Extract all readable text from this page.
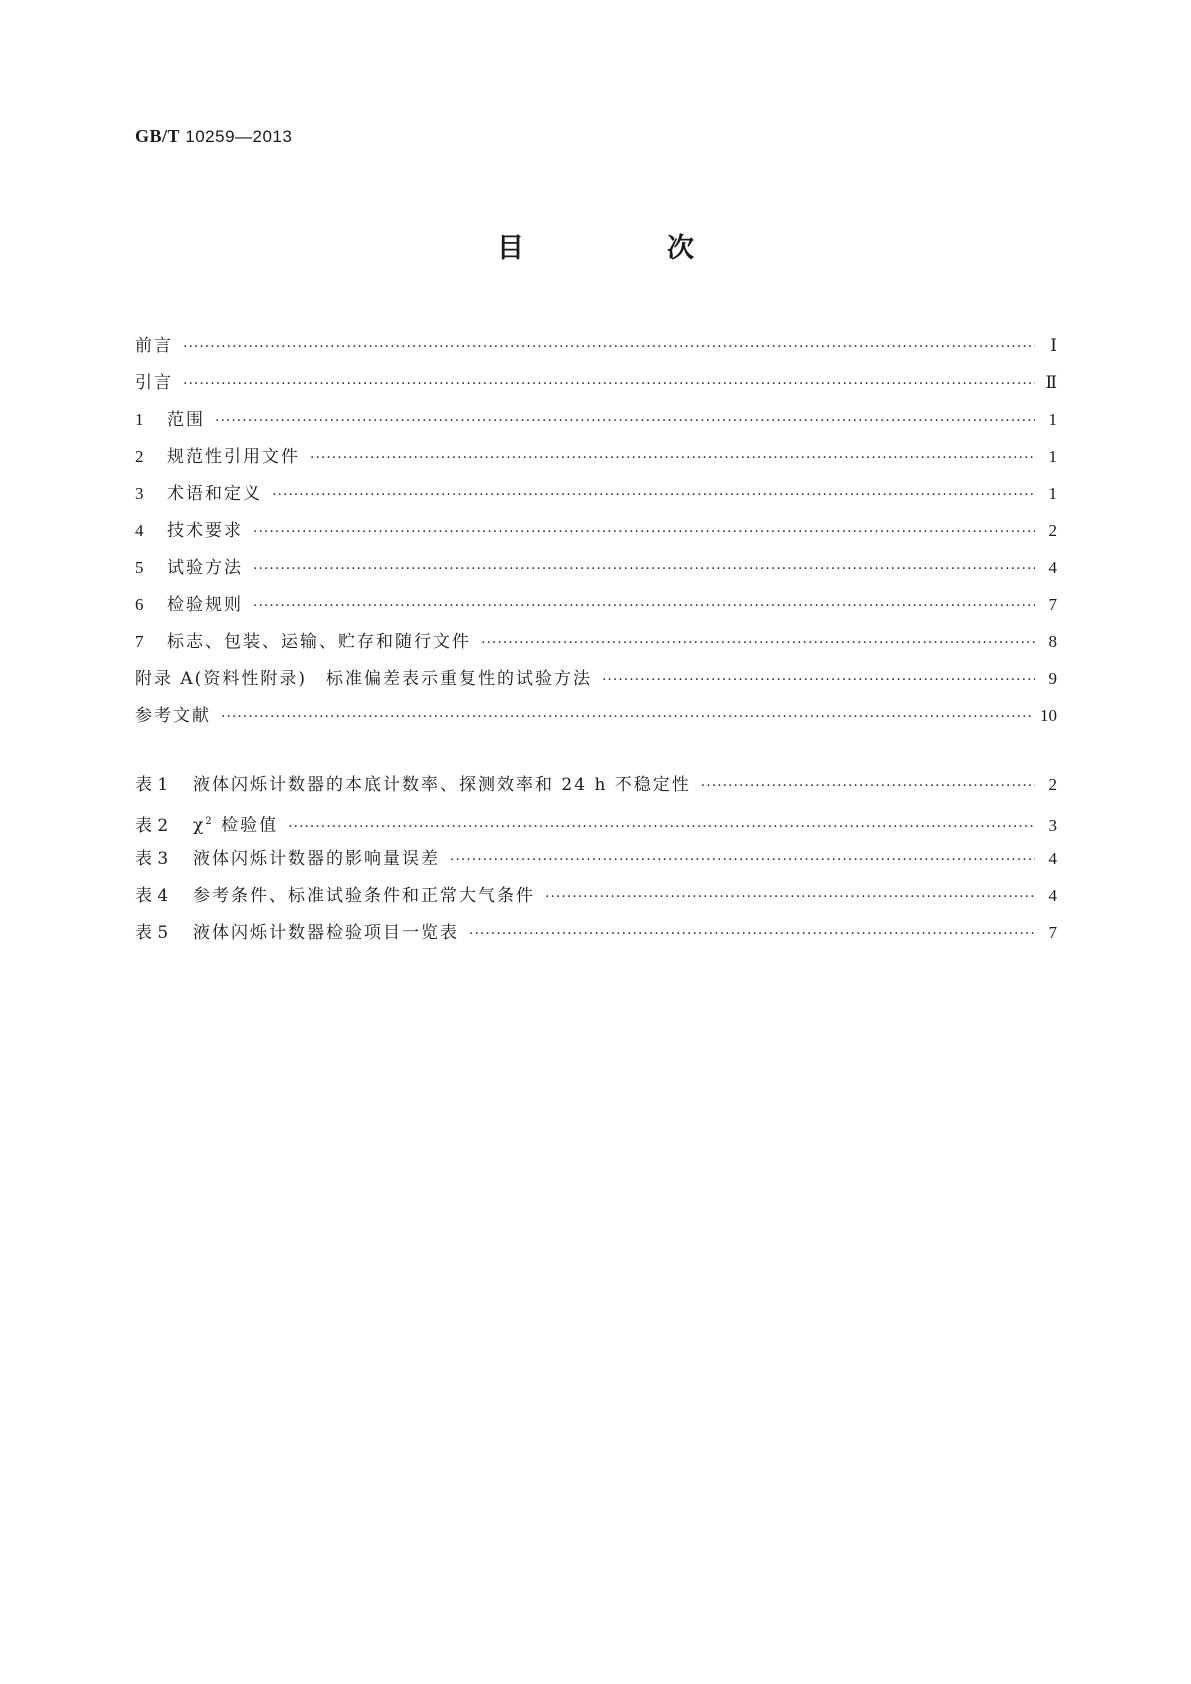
GB/T 10259—2013
目　次
前言 ·····	Ⅰ
引言 ·····	Ⅱ
1	范围 ·····	1
2	规范性引用文件 ·····	1
3	术语和定义 ·····	1
4	技术要求 ·····	2
5	试验方法 ·····	4
6	检验规则 ·····	7
7	标志、包装、运输、贮存和随行文件 ·····	8
附录 A(资料性附录)　标准偏差表示重复性的试验方法 ·····	9
参考文献 ·····	10
表 1	液体闪烁计数器的本底计数率、探测效率和 24 h 不稳定性 ·····	2
表 2	$\chi^2$ 检验值 ·····	3
表 3	液体闪烁计数器的影响量误差 ·····	4
表 4	参考条件、标准试验条件和正常大气条件 ·····	4
表 5	液体闪烁计数器检验项目一览表 ·····	7
